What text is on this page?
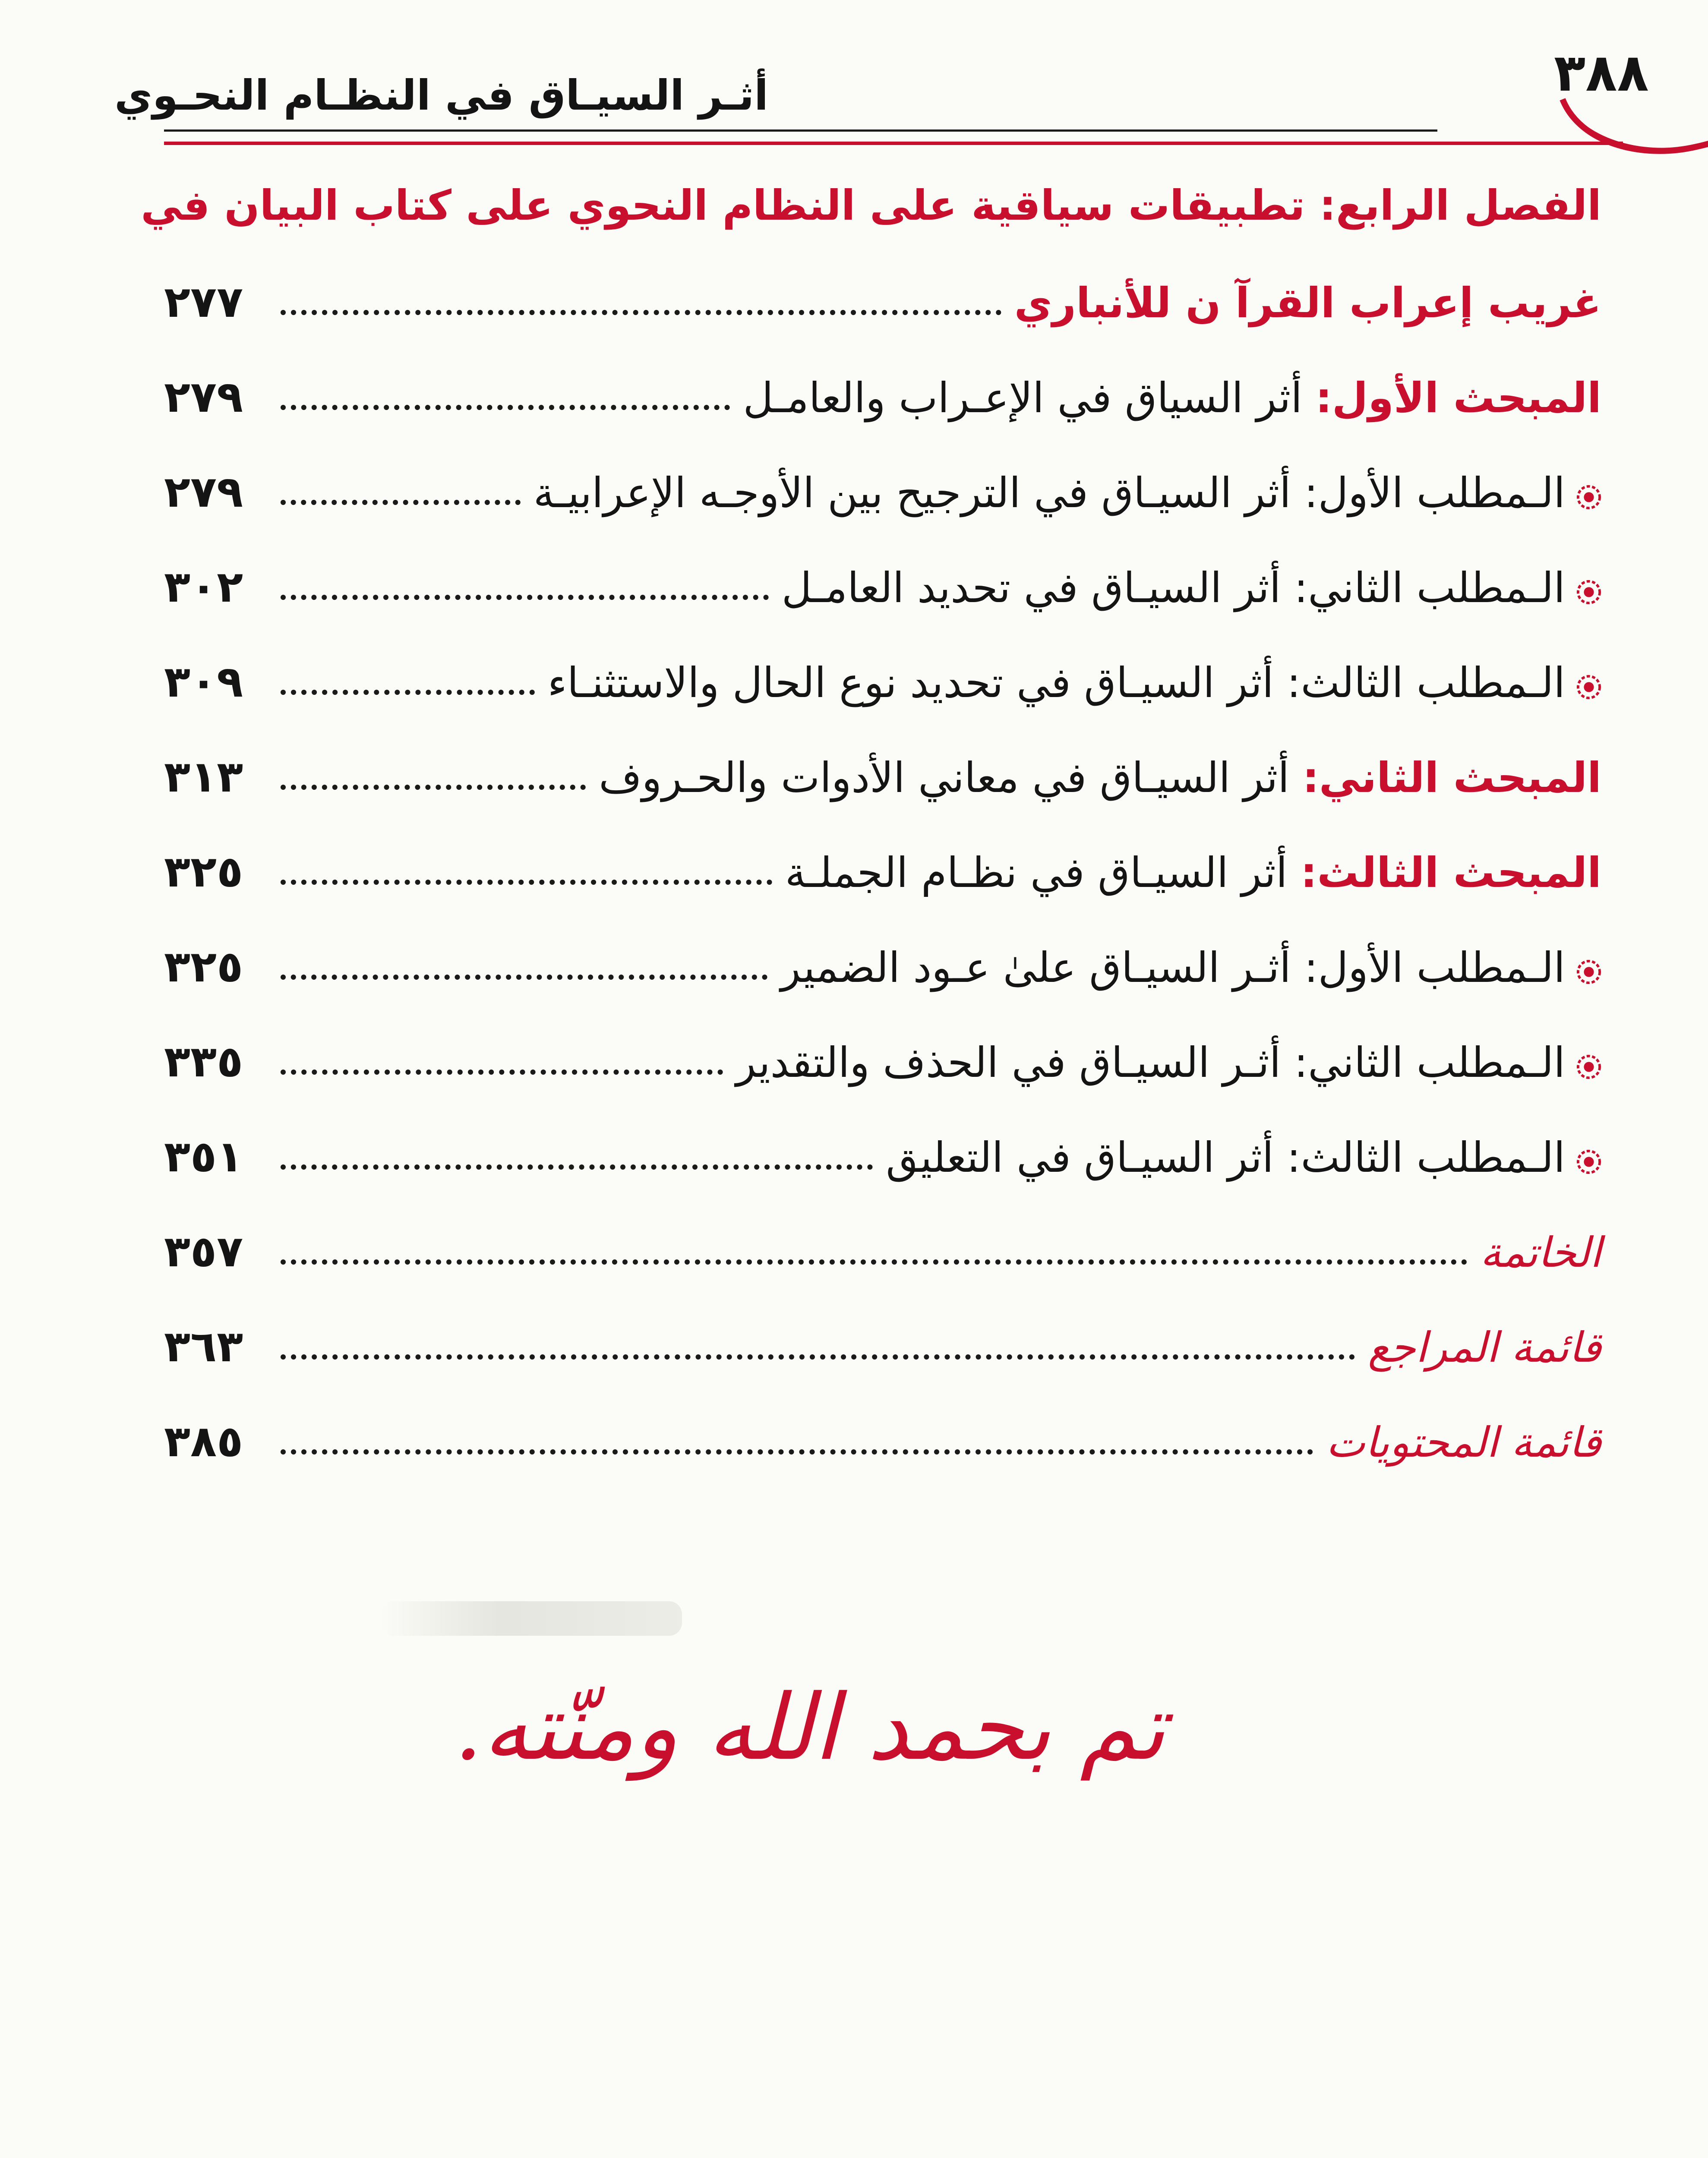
أثـر السيـاق في النظـام النحـوي	٣٨٨
الفصل الرابع: تطبيقات سياقية على النظام النحوي على كتاب البيان في
غريب إعراب القرآ ن للأنباري
٢٧٧
المبحث الأول: أثر السياق في الإعـراب والعامـل
٢٧٩
الـمطلب الأول: أثر السيـاق في الترجيح بين الأوجـه الإعرابيـة
٢٧٩
الـمطلب الثاني: أثر السيـاق في تحديد العامـل
٣٠٢
الـمطلب الثالث: أثر السيـاق في تحديد نوع الحال والاستثنـاء
٣٠٩
المبحث الثاني: أثر السيـاق في معاني الأدوات والحـروف
٣١٣
المبحث الثالث: أثر السيـاق في نظـام الجملـة
٣٢٥
الـمطلب الأول: أثـر السيـاق علىٰ عـود الضمير
٣٢٥
الـمطلب الثاني: أثـر السيـاق في الحذف والتقدير
٣٣٥
الـمطلب الثالث: أثر السيـاق في التعليق
٣٥١
الخاتمة
٣٥٧
قائمة المراجع
٣٦٣
قائمة المحتويات
٣٨٥
تم بحمد الله ومنّته.
